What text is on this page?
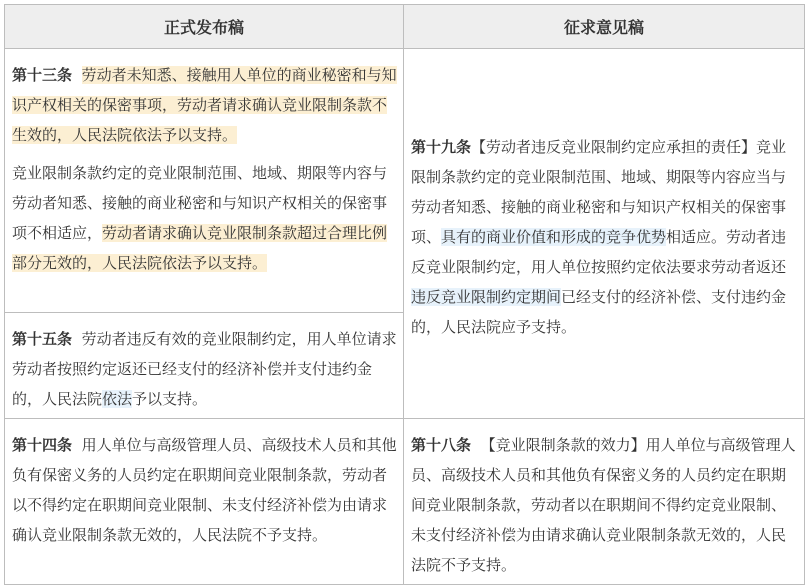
正式发布稿	征求意见稿

第十三条 劳动者未知悉、接触用人单位的商业秘密和与知识产权相关的保密事项，劳动者请求确认竞业限制条款不生效的，人民法院依法予以支持。

竞业限制条款约定的竞业限制范围、地域、期限等内容与劳动者知悉、接触的商业秘密和与知识产权相关的保密事项不相适应，劳动者请求确认竞业限制条款超过合理比例部分无效的，人民法院依法予以支持。	第十九条【劳动者违反竞业限制约定应承担的责任】竞业限制条款约定的竞业限制范围、地域、期限等内容应当与劳动者知悉、接触的商业秘密和与知识产权相关的保密事项、具有的商业价值和形成的竞争优势相适应。劳动者违反竞业限制约定，用人单位按照约定依法要求劳动者返还违反竞业限制约定期间已经支付的经济补偿、支付违约金的，人民法院应予支持。

第十五条 劳动者违反有效的竞业限制约定，用人单位请求劳动者按照约定返还已经支付的经济补偿并支付违约金的，人民法院依法予以支持。	

第十四条 用人单位与高级管理人员、高级技术人员和其他负有保密义务的人员约定在职期间竞业限制条款，劳动者以不得约定在职期间竞业限制、未支付经济补偿为由请求确认竞业限制条款无效的，人民法院不予支持。	第十八条 【竞业限制条款的效力】用人单位与高级管理人员、高级技术人员和其他负有保密义务的人员约定在职期间竞业限制条款，劳动者以在职期间不得约定竞业限制、未支付经济补偿为由请求确认竞业限制条款无效的，人民法院不予支持。
